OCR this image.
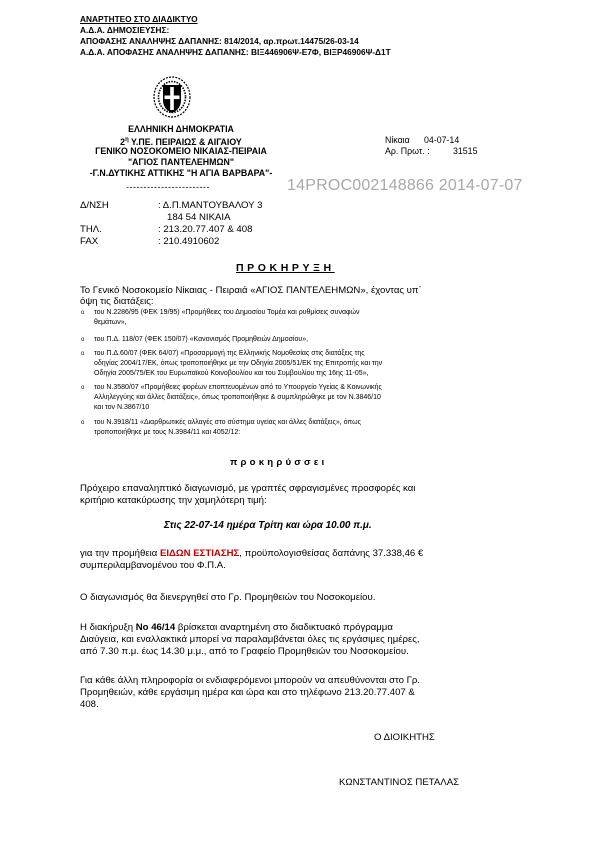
ΑΝΑΡΤΗΤΕΟ ΣΤΟ ΔΙΑΔΙΚΤΥΟ
Α.Δ.Α. ΔΗΜΟΣΙΕΥΣΗΣ:
ΑΠΟΦΑΣΗΣ ΑΝΑΛΗΨΗΣ ΔΑΠΑΝΗΣ: 814/2014, αρ.πρωτ.14475/26-03-14
Α.Δ.Α. ΑΠΟΦΑΣΗΣ ΑΝΑΛΗΨΗΣ ΔΑΠΑΝΗΣ: ΒΙΞ446906Ψ-Ε7Φ, ΒΙΞΡ46906Ψ-Δ1Τ
ΕΛΛΗΝΙΚΗ ΔΗΜΟΚΡΑΤΙΑ
$2^\eta$ Υ.ΠΕ. ΠΕΙΡΑΙΩΣ & ΑΙΓΑΙΟΥ
ΓΕΝΙΚΟ ΝΟΣΟΚΟΜΕΙΟ ΝΙΚΑΙΑΣ-ΠΕΙΡΑΙΑ
"ΑΓΙΟΣ ΠΑΝΤΕΛΕΗΜΩΝ"
-Γ.Ν.ΔΥΤΙΚΗΣ ΑΤΤΙΚΗΣ "Η ΑΓΙΑ ΒΑΡΒΑΡΑ"-
------------------------
Νίκαια 04-07-14
Αρ. Πρωτ. :	31515
14PROC002148866 2014-07-07
Δ/ΝΣΗ	: Δ.Π.ΜΑΝΤΟΥΒΑΛΟΥ 3
184 54 ΝΙΚΑΙΑ
ΤΗΛ.	: 213.20.77.407 & 408
FAX	: 210.4910602
ΠΡΟΚΗΡΥΞΗ
Το Γενικό Νοσοκομείο Νίκαιας - Πειραιά «ΑΓΙΟΣ ΠΑΝΤΕΛΕΗΜΩΝ», έχοντας υπ΄
όψη τις διατάξεις:
o του Ν.2286/95 (ΦΕΚ 19/95) «Προμήθειες του Δημοσίου Τομέα και ρυθμίσεις συναφών
θεμάτων»,
o του Π.Δ. 118/07 (ΦΕΚ 150/07) «Κανονισμός Προμηθειών Δημοσίου»,
o του Π.Δ.60/07 (ΦΕΚ 64/07) «Προσαρμογή της Ελληνικής Νομοθεσίας στις διατάξεις της
οδηγίας 2004/17/ΕΚ, όπως τροποποιήθηκε με την Οδηγία 2005/51/ΕΚ της Επιτροπής και την
Οδηγία 2005/75/ΕΚ του Ευρωπαϊκού Κοινοβουλίου και του Συμβουλίου της 16ης 11-05»,
o του Ν.3580/07 «Προμήθειες φορέων εποπτευομένων από το Υπουργείο Υγείας & Κοινωνικής
Αλληλεγγύης και άλλες διατάξεις», όπως τροποποιήθηκε & συμπληρώθηκε με τον Ν.3846/10
και τον Ν.3867/10
o του Ν.3918/11 «Διαρθρωτικές αλλαγές στο σύστημα υγείας και άλλες διατάξεις», όπως
τροποποιήθηκε με τους Ν.3984/11 και 4052/12:
προκηρύσσει
Πρόχειρο επαναληπτικό διαγωνισμό, με γραπτές σφραγισμένες προσφορές και
κριτήριο κατακύρωσης την χαμηλότερη τιμή:
Στις 22-07-14 ημέρα Τρίτη και ώρα 10.00 π.μ.
για την προμήθεια ΕΙΔΩΝ ΕΣΤΙΑΣΗΣ, προϋπολογισθείσας δαπάνης 37.338,46 €
συμπεριλαμβανομένου του Φ.Π.Α.
Ο διαγωνισμός θα διενεργηθεί στο Γρ. Προμηθειών του Νοσοκομείου.
Η διακήρυξη Νο 46/14 βρίσκεται αναρτημένη στο διαδικτυακό πρόγραμμα
Διαύγεια, και εναλλακτικά μπορεί να παραλαμβάνεται όλες τις εργάσιμες ημέρες,
από 7.30 π.μ. έως 14.30 μ.μ., από το Γραφείο Προμηθειών του Νοσοκομείου.
Για κάθε άλλη πληροφορία οι ενδιαφερόμενοι μπορούν να απευθύνονται στο Γρ.
Προμηθειών, κάθε εργάσιμη ημέρα και ώρα και στο τηλέφωνο 213.20.77.407 &
408.
Ο ΔΙΟΙΚΗΤΗΣ
ΚΩΝΣΤΑΝΤΙΝΟΣ ΠΕΤΑΛΑΣ
